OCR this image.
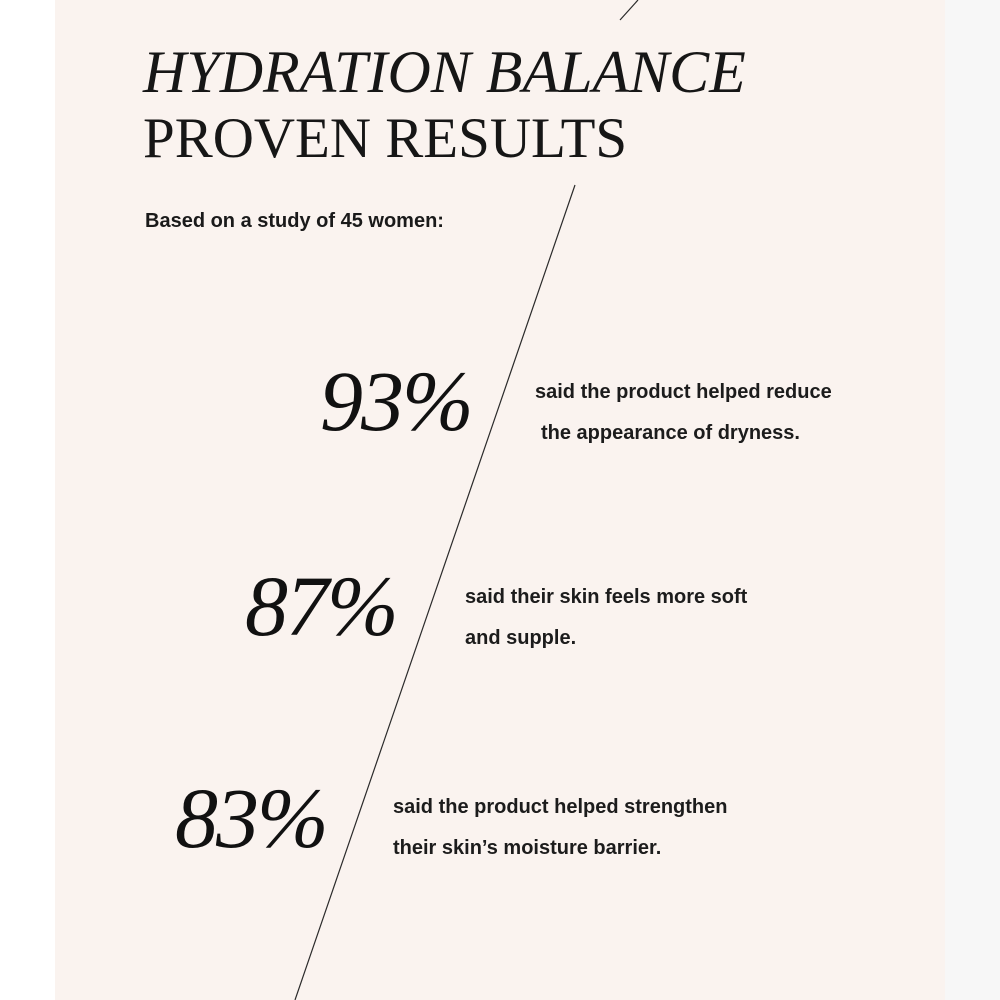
HYDRATION BALANCE
PROVEN RESULTS
Based on a study of 45 women:
93%	said the product helped reduce
the appearance of dryness.
87%	said their skin feels more soft
and supple.
83%	said the product helped strengthen
their skin’s moisture barrier.
